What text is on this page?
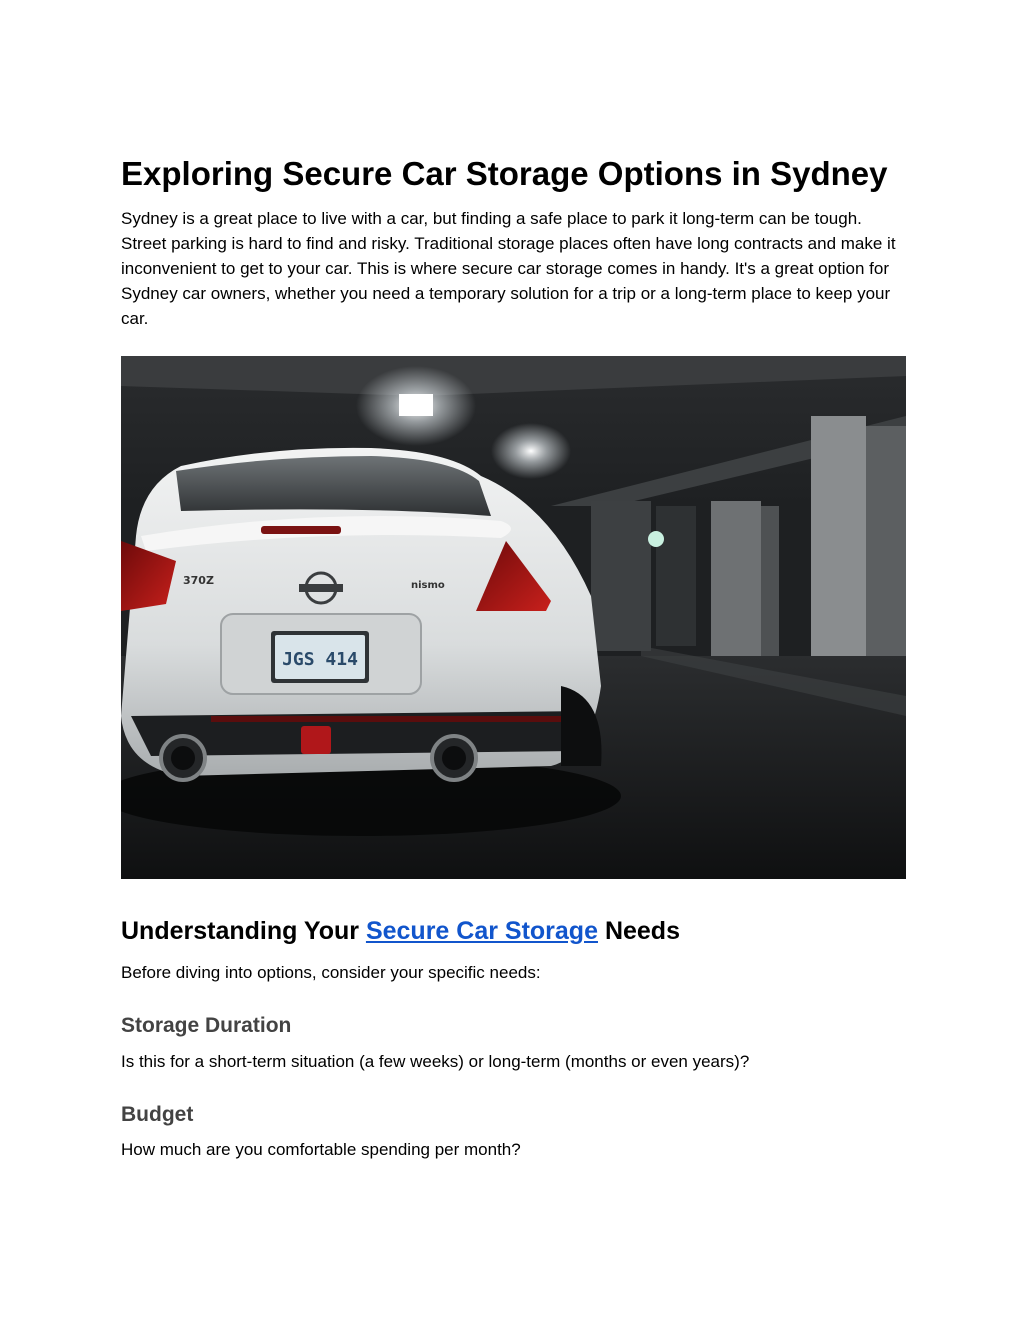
Exploring Secure Car Storage Options in Sydney

Sydney is a great place to live with a car, but finding a safe place to park it long-term can be tough. Street parking is hard to find and risky. Traditional storage places often have long contracts and make it inconvenient to get to your car. This is where secure car storage comes in handy. It's a great option for Sydney car owners, whether you need a temporary solution for a trip or a long-term place to keep your car.

370Z	nismo
JGS 414
Understanding Your Secure Car Storage Needs

Before diving into options, consider your specific needs:

Storage Duration

Is this for a short-term situation (a few weeks) or long-term (months or even years)?

Budget

How much are you comfortable spending per month?
